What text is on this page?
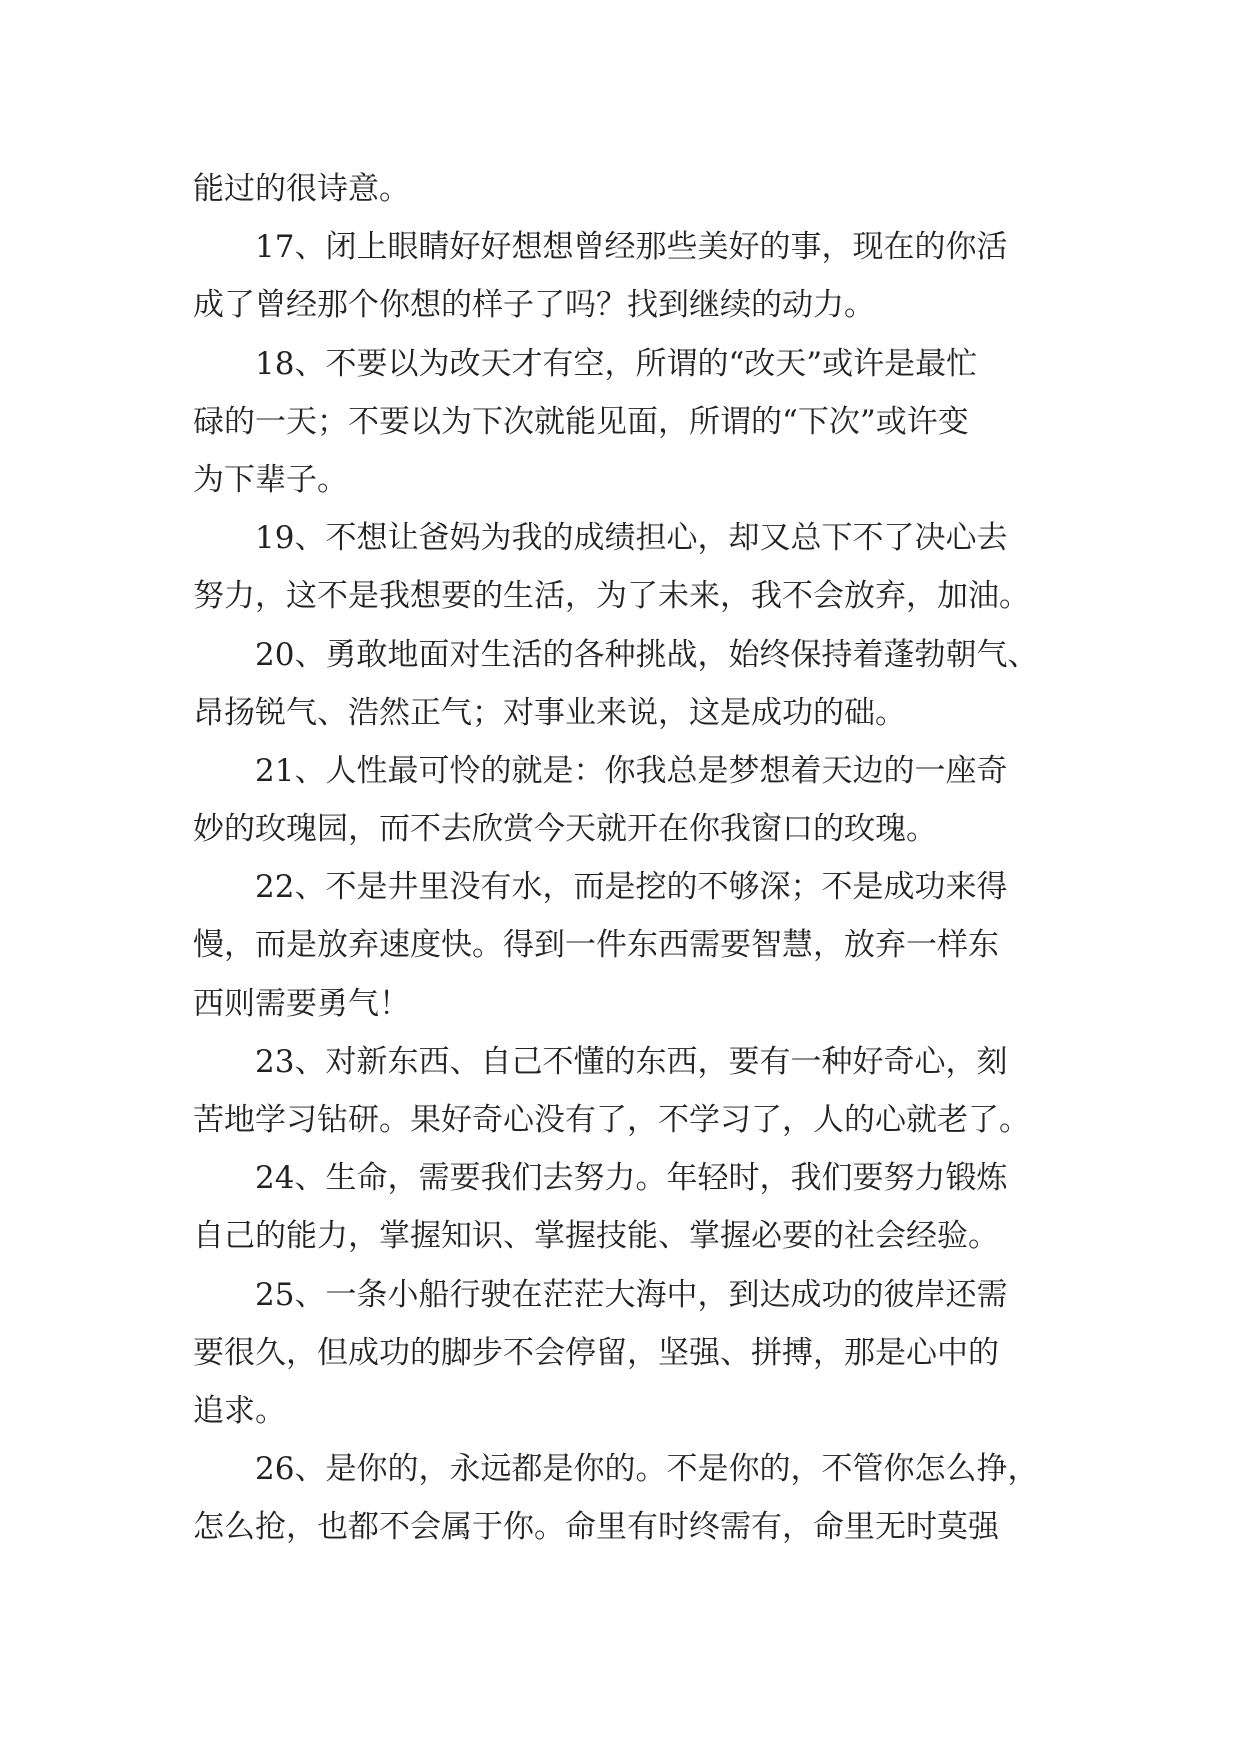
能过的很诗意。
17、闭上眼睛好好想想曾经那些美好的事，现在的你活
成了曾经那个你想的样子了吗？找到继续的动力。
18、不要以为改天才有空，所谓的“改天”或许是最忙
碌的一天；不要以为下次就能见面，所谓的“下次”或许变
为下辈子。
19、不想让爸妈为我的成绩担心，却又总下不了决心去
努力，这不是我想要的生活，为了未来，我不会放弃，加油。
20、勇敢地面对生活的各种挑战，始终保持着蓬勃朝气、
昂扬锐气、浩然正气；对事业来说，这是成功的础。
21、人性最可怜的就是：你我总是梦想着天边的一座奇
妙的玫瑰园，而不去欣赏今天就开在你我窗口的玫瑰。
22、不是井里没有水，而是挖的不够深；不是成功来得
慢，而是放弃速度快。得到一件东西需要智慧，放弃一样东
西则需要勇气！
23、对新东西、自己不懂的东西，要有一种好奇心，刻
苦地学习钻研。果好奇心没有了，不学习了，人的心就老了。
24、生命，需要我们去努力。年轻时，我们要努力锻炼
自己的能力，掌握知识、掌握技能、掌握必要的社会经验。
25、一条小船行驶在茫茫大海中，到达成功的彼岸还需
要很久，但成功的脚步不会停留，坚强、拼搏，那是心中的
追求。
26、是你的，永远都是你的。不是你的，不管你怎么挣，
怎么抢，也都不会属于你。命里有时终需有，命里无时莫强
